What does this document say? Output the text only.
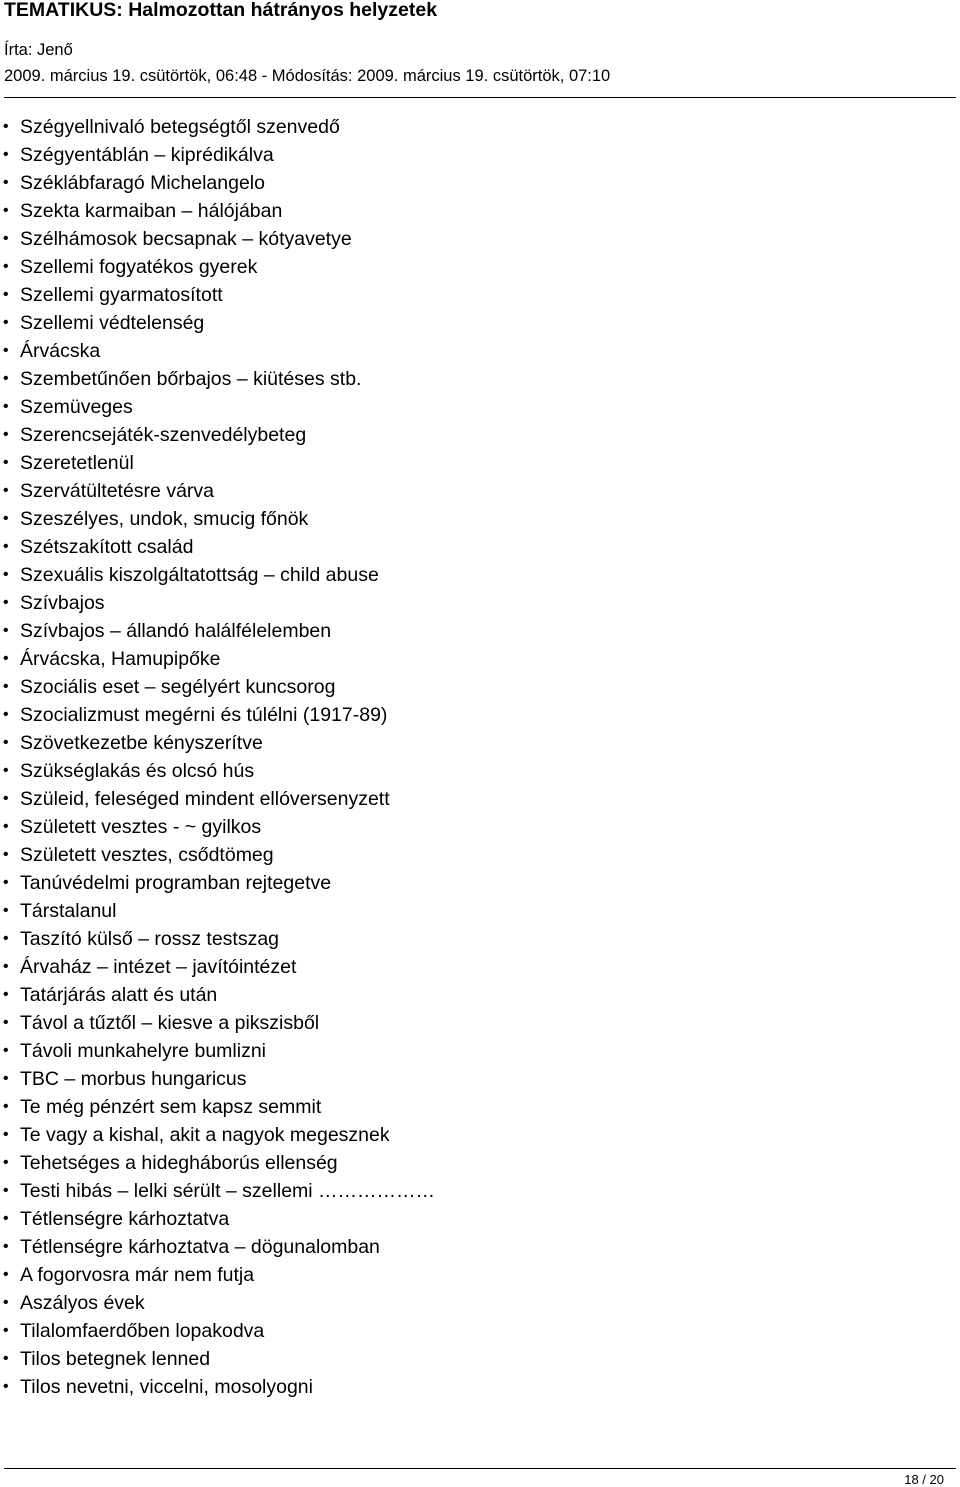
TEMATIKUS: Halmozottan hátrányos helyzetek
Írta: Jenő
2009. március 19. csütörtök, 06:48 - Módosítás: 2009. március 19. csütörtök, 07:10
• Szégyellnivaló betegségtől szenvedő
• Szégyentáblán – kiprédikálva
• Széklábfaragó Michelangelo
• Szekta karmaiban – hálójában
• Szélhámosok becsapnak – kótyavetye
• Szellemi fogyatékos gyerek
• Szellemi gyarmatosított
• Szellemi védtelenség
• Árvácska
• Szembetűnően bőrbajos – kiütéses stb.
• Szemüveges
• Szerencsejáték-szenvedélybeteg
• Szeretetlenül
• Szervátültetésre várva
• Szeszélyes, undok, smucig főnök
• Szétszakított család
• Szexuális kiszolgáltatottság – child abuse
• Szívbajos
• Szívbajos – állandó halálfélelemben
• Árvácska, Hamupipőke
• Szociális eset – segélyért kuncsorog
• Szocializmust megérni és túlélni (1917-89)
• Szövetkezetbe kényszerítve
• Szükséglakás és olcsó hús
• Szüleid, feleséged mindent ellóversenyzett
• Született vesztes - ~ gyilkos
• Született vesztes, csődtömeg
• Tanúvédelmi programban rejtegetve
• Társtalanul
• Taszító külső – rossz testszag
• Árvaház – intézet – javítóintézet
• Tatárjárás alatt és után
• Távol a tűztől – kiesve a pikszisből
• Távoli munkahelyre bumlizni
• TBC – morbus hungaricus
• Te még pénzért sem kapsz semmit
• Te vagy a kishal, akit a nagyok megesznek
• Tehetséges a hidegháborús ellenség
• Testi hibás – lelki sérült – szellemi ………………
• Tétlenségre kárhoztatva
• Tétlenségre kárhoztatva – dögunalomban
• A fogorvosra már nem futja
• Aszályos évek
• Tilalomfaerdőben lopakodva
• Tilos betegnek lenned
• Tilos nevetni, viccelni, mosolyogni
18 / 20
